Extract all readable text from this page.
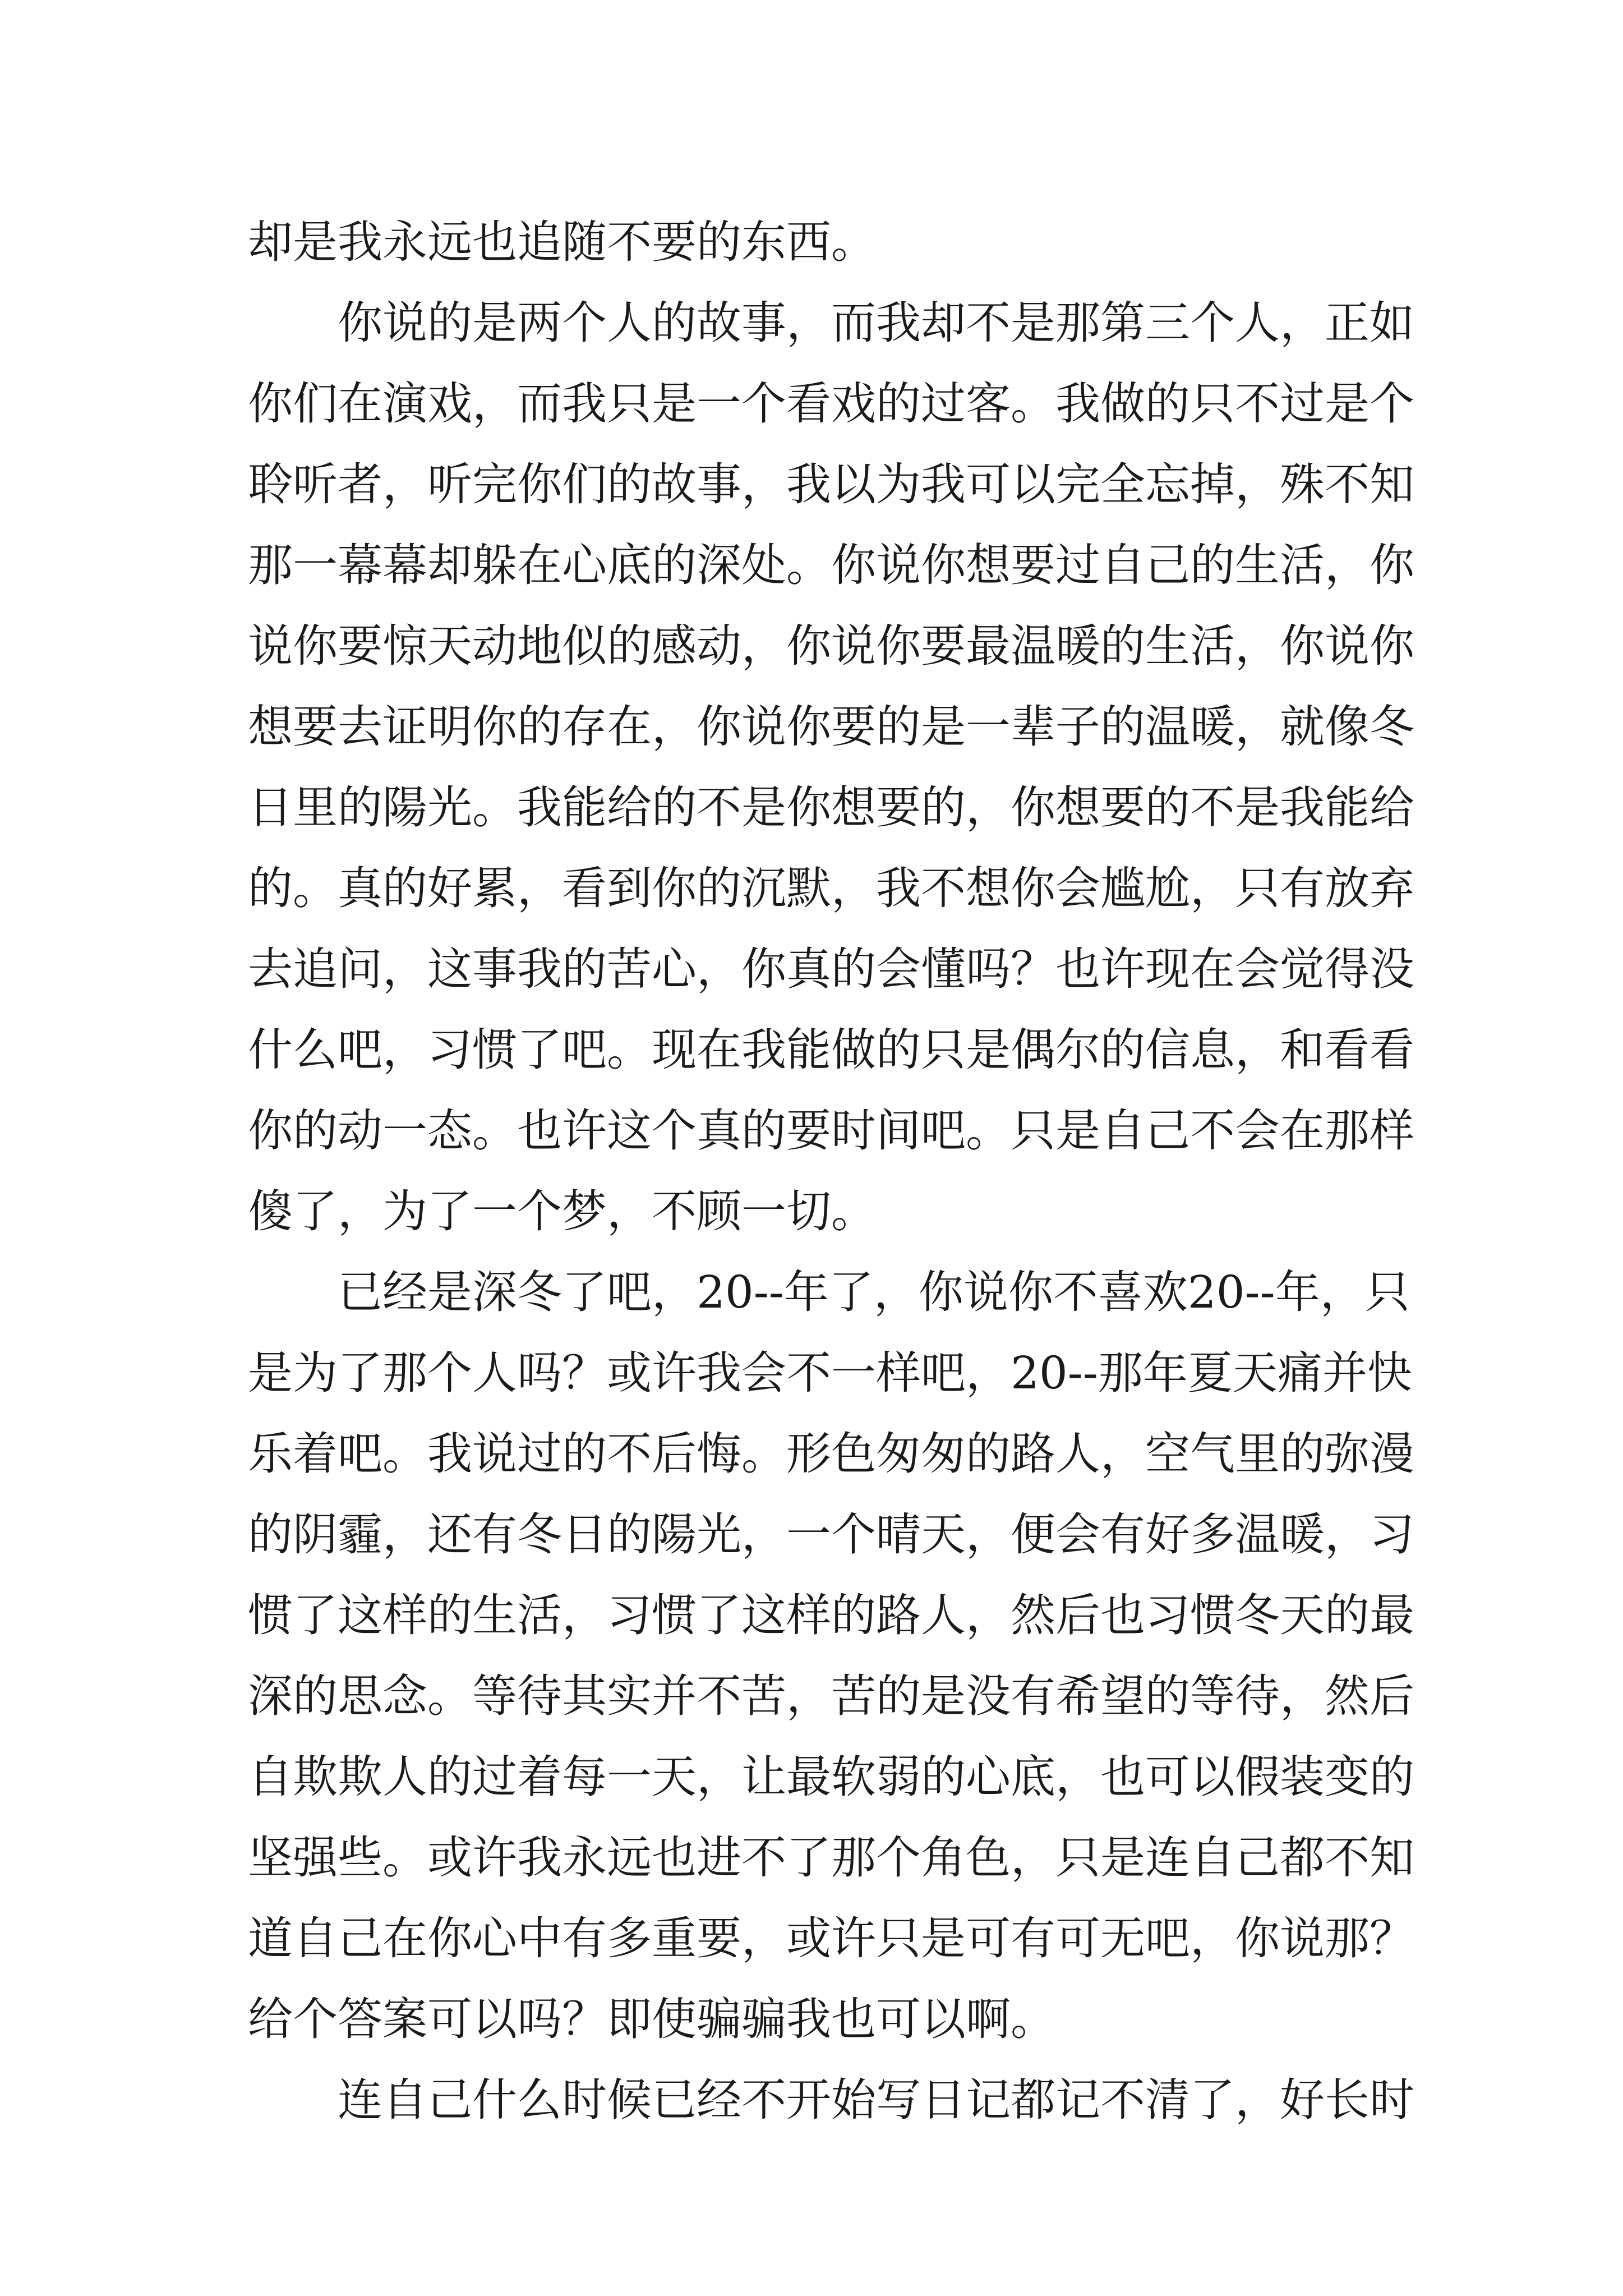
却是我永远也追随不要的东西。
你说的是两个人的故事，而我却不是那第三个人，正如
你们在演戏，而我只是一个看戏的过客。我做的只不过是个
聆听者，听完你们的故事，我以为我可以完全忘掉，殊不知
那一幕幕却躲在心底的深处。你说你想要过自己的生活，你
说你要惊天动地似的感动，你说你要最温暖的生活，你说你
想要去证明你的存在，你说你要的是一辈子的温暖，就像冬
日里的陽光。我能给的不是你想要的，你想要的不是我能给
的。真的好累，看到你的沉默，我不想你会尴尬，只有放弃
去追问，这事我的苦心，你真的会懂吗？也许现在会觉得没
什么吧，习惯了吧。现在我能做的只是偶尔的信息，和看看
你的动一态。也许这个真的要时间吧。只是自己不会在那样
傻了，为了一个梦，不顾一切。
已经是深冬了吧，20--年了，你说你不喜欢20--年，只
是为了那个人吗？或许我会不一样吧，20--那年夏天痛并快
乐着吧。我说过的不后悔。形色匆匆的路人，空气里的弥漫
的阴霾，还有冬日的陽光，一个晴天，便会有好多温暖，习
惯了这样的生活，习惯了这样的路人，然后也习惯冬天的最
深的思念。等待其实并不苦，苦的是没有希望的等待，然后
自欺欺人的过着每一天，让最软弱的心底，也可以假装变的
坚强些。或许我永远也进不了那个角色，只是连自己都不知
道自己在你心中有多重要，或许只是可有可无吧，你说那？
给个答案可以吗？即使骗骗我也可以啊。
连自己什么时候已经不开始写日记都记不清了，好长时
